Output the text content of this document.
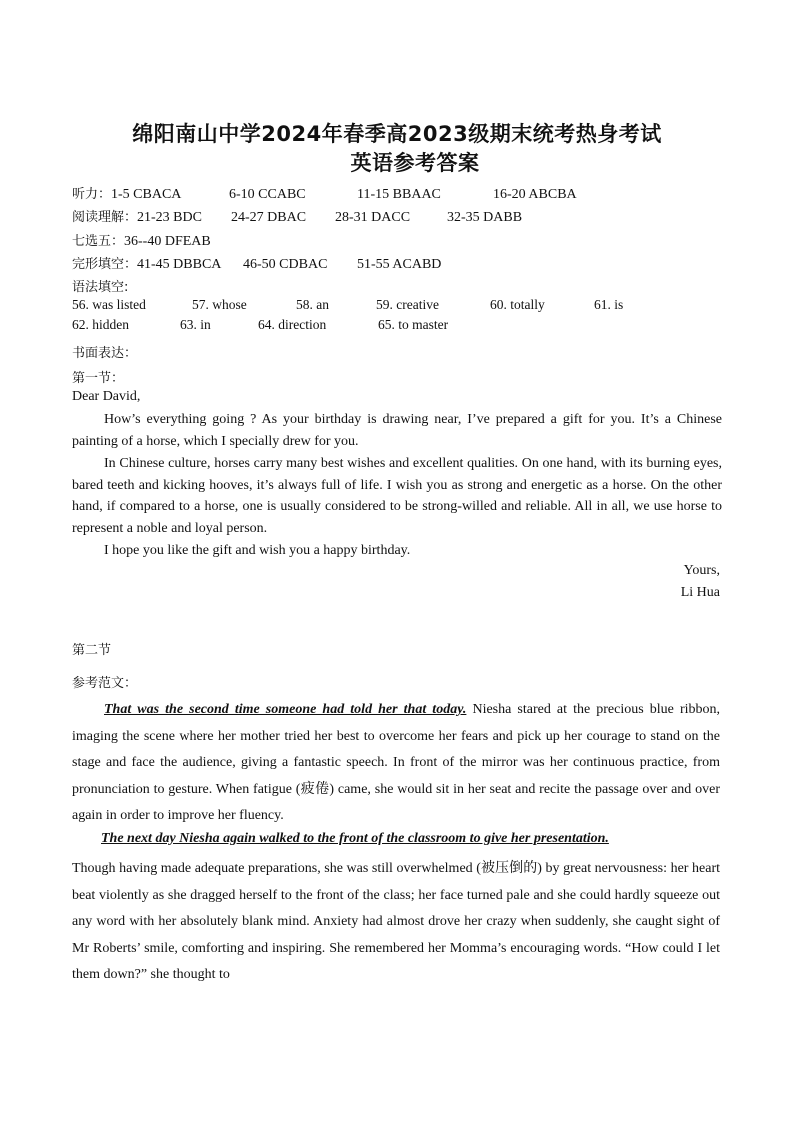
绵阳南山中学2024年春季高2023级期末统考热身考试
英语参考答案
听力：1-5 CBACA	6-10 CCABC	11-15 BBAAC	16-20 ABCBA
阅读理解：21-23 BDC 24-27 DBAC 28-31 DACC	32-35 DABB
七选五：36--40 DFEAB
完形填空：41-45 DBBCA 46-50 CDBAC 51-55 ACABD
语法填空:
56. was listed	57. whose	58. an	59. creative	60. totally	61. is
62. hidden	63. in	64. direction	65. to master
书面表达：
第一节：
Dear David,

How’s everything going ? As your birthday is drawing near, I’ve prepared a gift for you. It’s a Chinese painting of a horse, which I specially drew for you.

In Chinese culture, horses carry many best wishes and excellent qualities. On one hand, with its burning eyes, bared teeth and kicking hooves, it’s always full of life. I wish you as strong and energetic as a horse. On the other hand, if compared to a horse, one is usually considered to be strong-willed and reliable. All in all, we use horse to represent a noble and loyal person.

I hope you like the gift and wish you a happy birthday.

Yours,
Li Hua
第二节
参考范文：

That was the second time someone had told her that today. Niesha stared at the precious blue ribbon, imaging the scene where her mother tried her best to overcome her fears and pick up her courage to stand on the stage and face the audience, giving a fantastic speech. In front of the mirror was her continuous practice, from pronunciation to gesture. When fatigue (疲倦) came, she would sit in her seat and recite the passage over and over again in order to improve her fluency.

The next day Niesha again walked to the front of the classroom to give her presentation.

Though having made adequate preparations, she was still overwhelmed (被压倒的) by great nervousness: her heart beat violently as she dragged herself to the front of the class; her face turned pale and she could hardly squeeze out any word with her absolutely blank mind. Anxiety had almost drove her crazy when suddenly, she caught sight of Mr Roberts’ smile, comforting and inspiring. She remembered her Momma’s encouraging words. “How could I let them down?” she thought to
